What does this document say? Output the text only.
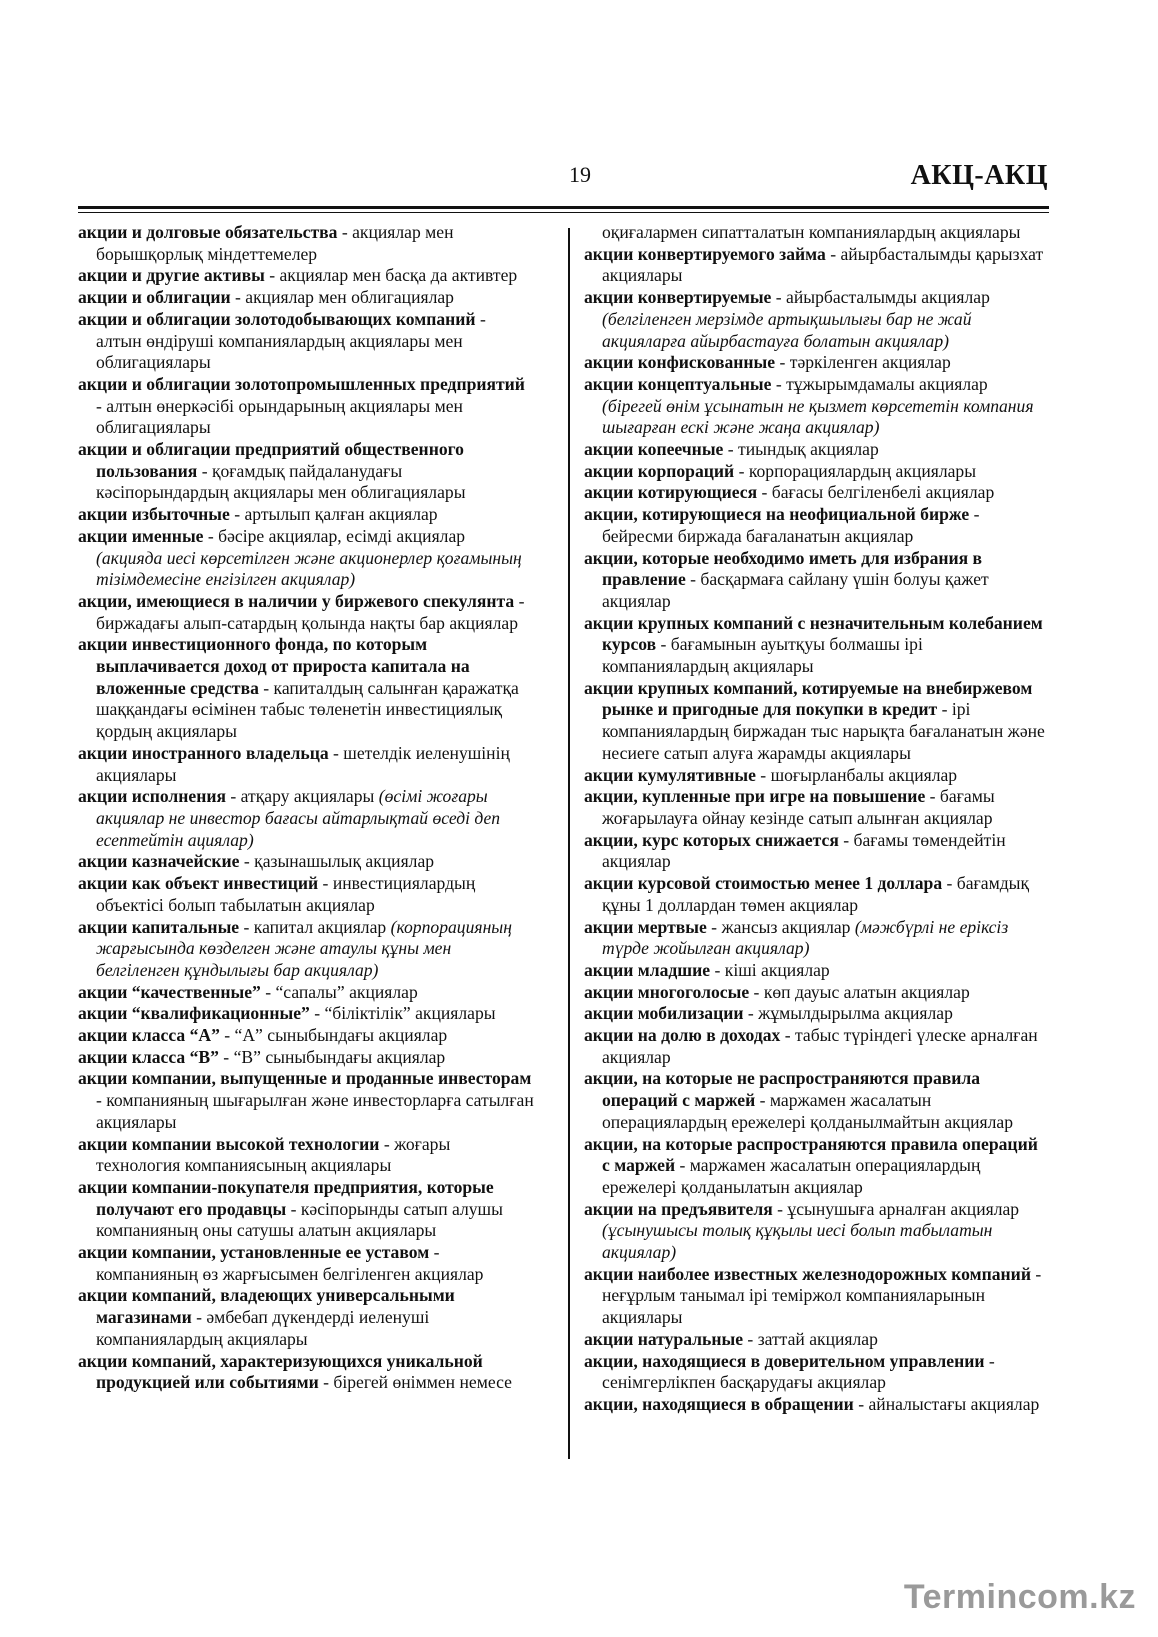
19	АКЦ-АКЦ

акции и долговые обязательства - акциялар мен борышқорлық міндеттемелер

акции и другие активы - акциялар мен басқа да активтер

акции и облигации - акциялар мен облигациялар

акции и облигации золотодобывающих компаний - алтын өндіруші компаниялардың акциялары мен облигациялары

акции и облигации золотопромышленных предприятий - алтын өнеркәсібі орындарының акциялары мен облигациялары

акции и облигации предприятий общественного пользования - қоғамдық пайдаланудағы кәсіпорындардың акциялары мен облигациялары

акции избыточные - артылып қалған акциялар

акции именные - бәсіре акциялар, есімді акциялар (акцияда иесі көрсетілген және акционерлер қоғамының тізімдемесіне енгізілген акциялар)

акции, имеющиеся в наличии у биржевого спекулянта - биржадағы алып-сатардың қолында нақты бар акциялар

акции инвестиционного фонда, по которым выплачивается доход от прироста капитала на вложенные средства - капиталдың салынған қаражатқа шаққандағы өсімінен табыс төленетін инвестициялық қордың акциялары

акции иностранного владельца - шетелдік иеленушінің акциялары

акции исполнения - атқару акциялары (өсімі жоғары акциялар не инвестор бағасы айтарлықтай өседі деп есептейтін ациялар)

акции казначейские - қазынашылық акциялар

акции как объект инвестиций - инвестициялардың объектісі болып табылатын акциялар

акции капитальные - капитал акциялар (корпорацияның жарғысында көзделген және атаулы құны мен белгіленген құндылығы бар акциялар)

акции “качественные” - “сапалы” акциялар

акции “квалификационные” - “біліктілік” акциялары

акции класса “А” - “А” сыныбындағы акциялар

акции класса “В” - “В” сыныбындағы акциялар

акции компании, выпущенные и проданные инвесторам - компанияның шығарылған және инвесторларға сатылған акциялары

акции компании высокой технологии - жоғары технология компаниясының акциялары

акции компании-покупателя предприятия, которые получают его продавцы - кәсіпорынды сатып алушы компанияның оны сатушы алатын акциялары

акции компании, установленные ее уставом - компанияның өз жарғысымен белгіленген акциялар

акции компаний, владеющих универсальными магазинами - әмбебап дүкендерді иеленуші компаниялардың акциялары

акции компаний, характеризующихся уникальной продукцией или событиями - бірегей өніммен немесе

оқиғалармен сипатталатын компаниялардың акциялары

акции конвертируемого займа - айырбасталымды қарызхат акциялары

акции конвертируемые - айырбасталымды акциялар (белгіленген мерзімде артықшылығы бар не жай акцияларға айырбастауға болатын акциялар)

акции конфискованные - тәркіленген акциялар

акции концептуальные - тұжырымдамалы акциялар (бірегей өнім ұсынатын не қызмет көрсететін компания шығарған ескі және жаңа акциялар)

акции копеечные - тиындық акциялар

акции корпораций - корпорациялардың акциялары

акции котирующиеся - бағасы белгіленбелі акциялар

акции, котирующиеся на неофициальной бирже - бейресми биржада бағаланатын акциялар

акции, которые необходимо иметь для избрания в правление - басқармаға сайлану үшін болуы қажет акциялар

акции крупных компаний с незначительным колебанием курсов - бағамынын ауытқуы болмашы ірі компаниялардың акциялары

акции крупных компаний, котируемые на внебиржевом рынке и пригодные для покупки в кредит - ірі компаниялардың биржадан тыс нарықта бағаланатын және несиеге сатып алуға жарамды акциялары

акции кумулятивные - шоғырланбалы акциялар

акции, купленные при игре на повышение - бағамы жоғарылауға ойнау кезінде сатып алынған акциялар

акции, курс которых снижается - бағамы төмендейтін акциялар

акции курсовой стоимостью менее 1 доллара - бағамдық құны 1 доллардан төмен акциялар

акции мертвые - жансыз акциялар (мәжбүрлі не еріксіз түрде жойылған акциялар)

акции младшие - кіші акциялар

акции многоголосые - көп дауыс алатын акциялар

акции мобилизации - жұмылдырылма акциялар

акции на долю в доходах - табыс түріндегі үлеске арналған акциялар

акции, на которые не распространяются правила операций с маржей - маржамен жасалатын операциялардың ережелері қолданылмайтын акциялар

акции, на которые распространяются правила операций с маржей - маржамен жасалатын операциялардың ережелері қолданылатын акциялар

акции на предъявителя - ұсынушыға арналған акциялар (ұсынушысы толық құқылы иесі болып табылатын акциялар)

акции наиболее известных железнодорожных компаний - неғұрлым танымал ірі теміржол компанияларынын акциялары

акции натуральные - заттай акциялар

акции, находящиеся в доверительном управлении - сенімгерлікпен басқарудағы акциялар

акции, находящиеся в обращении - айналыстағы акциялар

Termincom.kz
